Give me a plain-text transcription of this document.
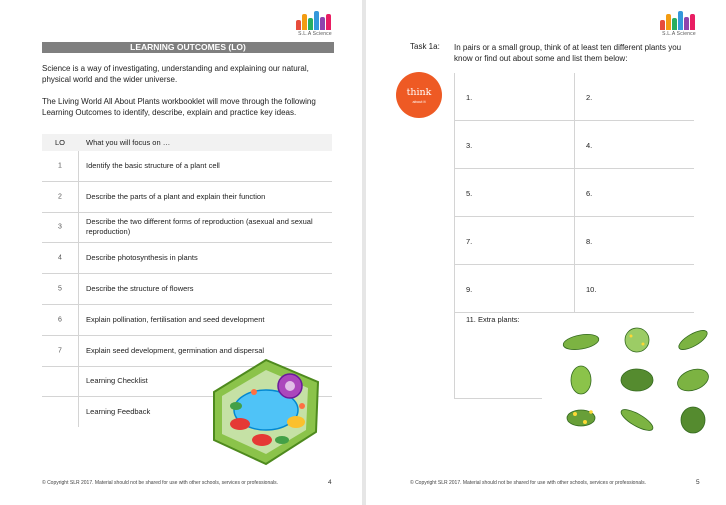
S.L.A Science
LEARNING OUTCOMES (LO)

Science is a way of investigating, understanding and explaining our natural, physical world and the wider universe.

The Living World All About Plants workbooklet will move through the following Learning Outcomes to identify, describe, explain and practice key ideas.

LO	What you will focus on …
1	Identify the basic structure of a plant cell
2	Describe the parts of a plant and explain their function
3
Describe the two different forms of reproduction (asexual and sexual reproduction)
4	Describe photosynthesis in plants
5	Describe the structure of flowers
6	Explain pollination, fertilisation and seed development
7	Explain seed development, germination and dispersal
Learning Checklist
Learning Feedback
© Copyright SLR 2017. Material should not be shared for use with other schools, services or professionals.	4
S.L.A Science
Task 1a: In pairs or a small group, think of at least ten different plants you know or find out about some and list them below:

think
about it	1.	2.
3.	4.
5.	6.
7.	8.
9.	10.
11. Extra plants:
© Copyright SLR 2017. Material should not be shared for use with other schools, services or professionals.	5
